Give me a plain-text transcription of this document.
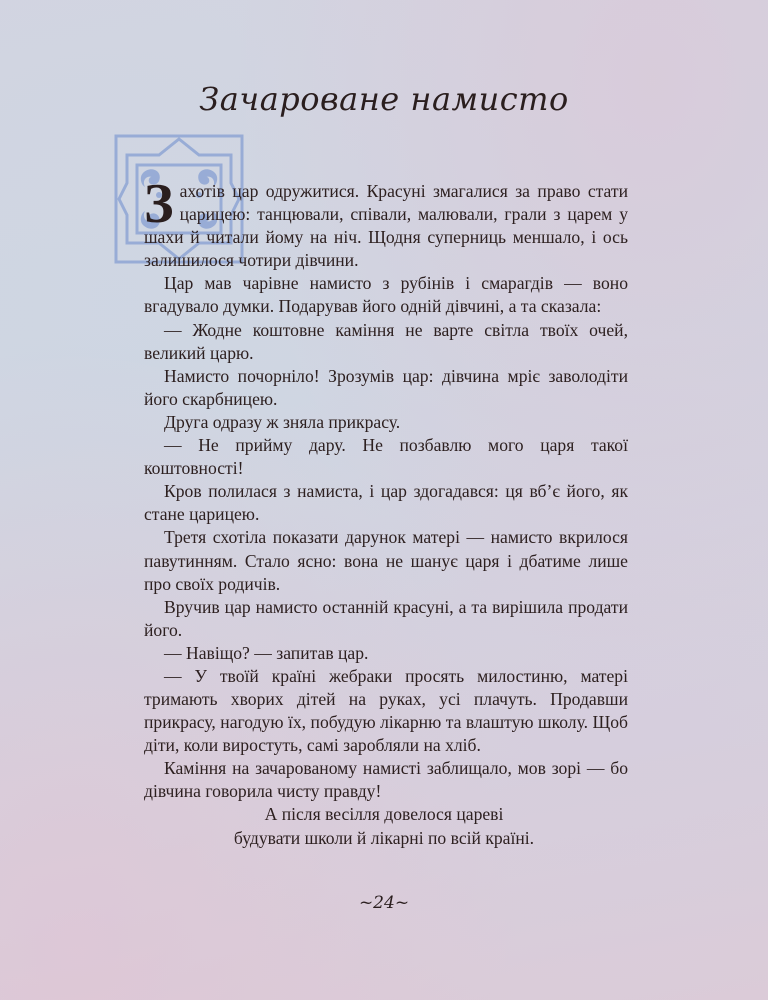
Зачароване намисто

Захотів цар одружитися. Красуні змагалися за право стати царицею: танцювали, співали, малювали, грали з царем у шахи й читали йому на ніч. Щодня суперниць меншало, і ось залишилося чотири дівчини.

Цар мав чарівне намисто з рубінів і смарагдів — воно вгадувало думки. Подарував його одній дівчині, а та сказала:

— Жодне коштовне каміння не варте світла твоїх очей, великий царю.

Намисто почорніло! Зрозумів цар: дівчина мріє заволодіти його скарбницею.

Друга одразу ж зняла прикрасу.

— Не прийму дару. Не позбавлю мого царя такої коштовності!

Кров полилася з намиста, і цар здогадався: ця вб’є його, як стане царицею.

Третя схотіла показати дарунок матері — намисто вкрилося павутинням. Стало ясно: вона не шанує царя і дбатиме лише про своїх родичів.

Вручив цар намисто останній красуні, а та вирішила продати його.

— Навіщо? — запитав цар.

— У твоїй країні жебраки просять милостиню, матері тримають хворих дітей на руках, усі плачуть. Продавши прикрасу, нагодую їх, побудую лікарню та влаштую школу. Щоб діти, коли виростуть, самі заробляли на хліб.

Каміння на зачарованому намисті заблищало, мов зорі — бо дівчина говорила чисту правду!

А після весілля довелося цареві
будувати школи й лікарні по всій країні.
~24~
